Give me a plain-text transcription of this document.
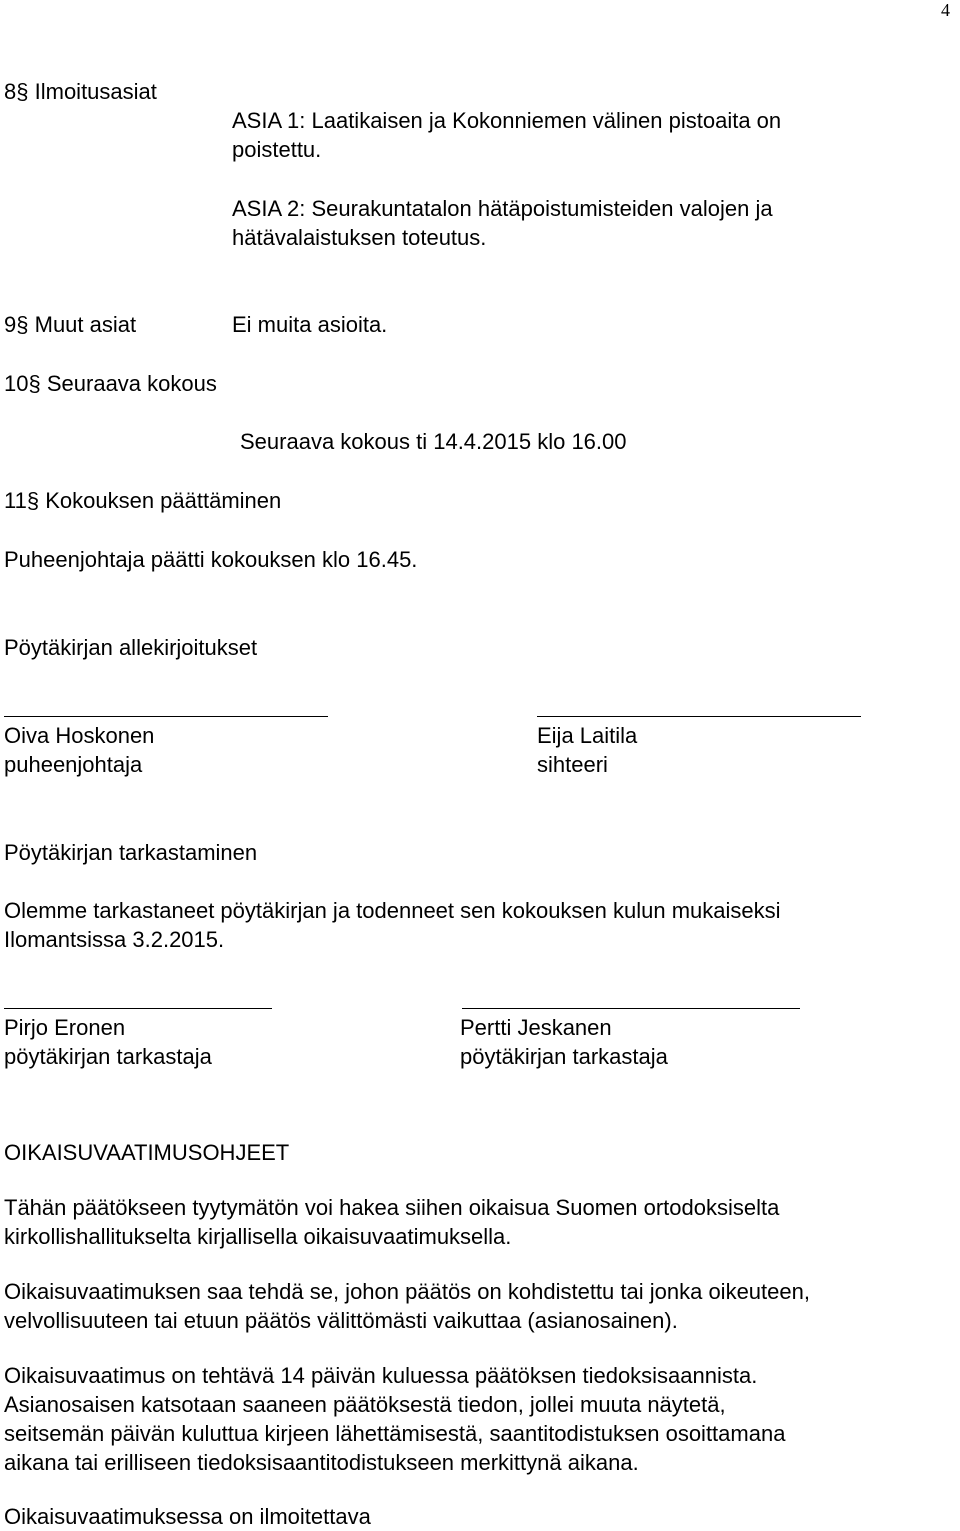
4
8§ Ilmoitusasiat
ASIA 1: Laatikaisen ja Kokonniemen välinen pistoaita on
poistettu.
ASIA 2: Seurakuntatalon hätäpoistumisteiden valojen ja
hätävalaistuksen toteutus.
9§ Muut asiat	Ei muita asioita.
10§ Seuraava kokous
Seuraava kokous ti 14.4.2015 klo 16.00
11§ Kokouksen päättäminen
Puheenjohtaja päätti kokouksen klo 16.45.
Pöytäkirjan allekirjoitukset
Oiva Hoskonen
puheenjohtaja
Eija Laitila
sihteeri
Pöytäkirjan tarkastaminen
Olemme tarkastaneet pöytäkirjan ja todenneet sen kokouksen kulun mukaiseksi
Ilomantsissa 3.2.2015.
Pirjo Eronen
pöytäkirjan tarkastaja
Pertti Jeskanen
pöytäkirjan tarkastaja
OIKAISUVAATIMUSOHJEET
Tähän päätökseen tyytymätön voi hakea siihen oikaisua Suomen ortodoksiselta
kirkollishallitukselta kirjallisella oikaisuvaatimuksella.
Oikaisuvaatimuksen saa tehdä se, johon päätös on kohdistettu tai jonka oikeuteen,
velvollisuuteen tai etuun päätös välittömästi vaikuttaa (asianosainen).
Oikaisuvaatimus on tehtävä 14 päivän kuluessa päätöksen tiedoksisaannista.
Asianosaisen katsotaan saaneen päätöksestä tiedon, jollei muuta näytetä,
seitsemän päivän kuluttua kirjeen lähettämisestä, saantitodistuksen osoittamana
aikana tai erilliseen tiedoksisaantitodistukseen merkittynä aikana.
Oikaisuvaatimuksessa on ilmoitettava
